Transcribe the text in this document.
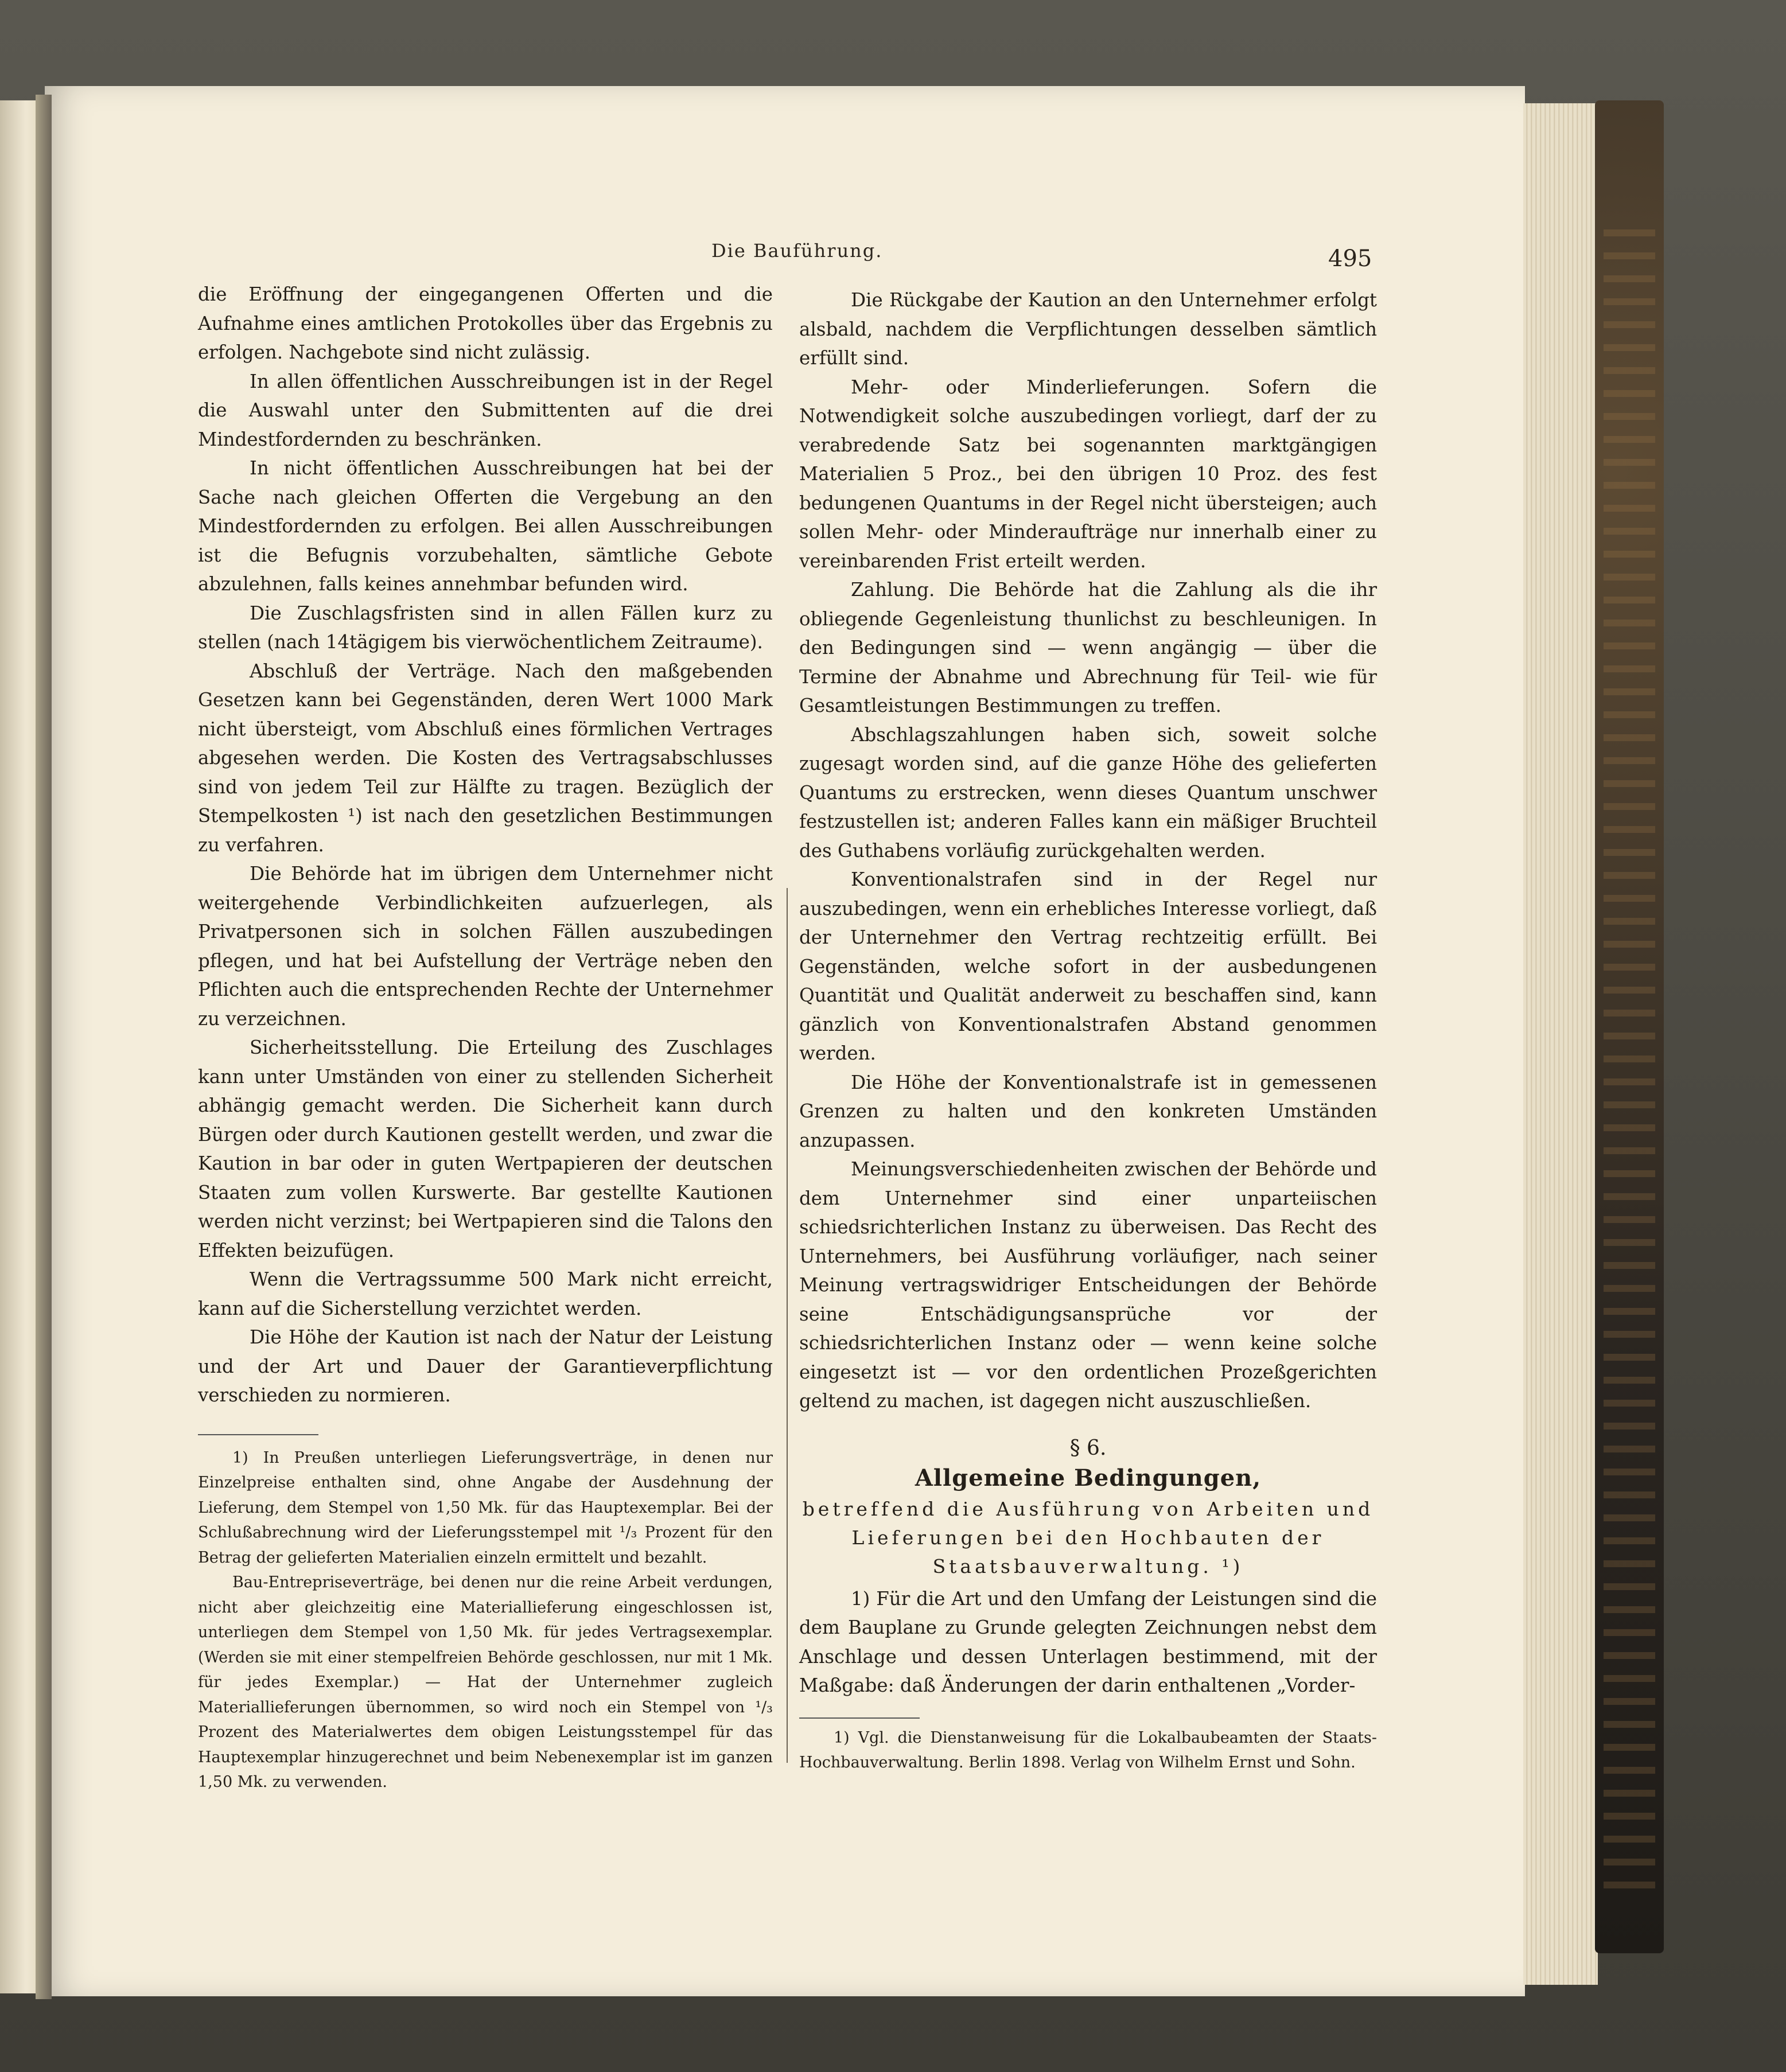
Die Bauführung.	495

die Eröffnung der eingegangenen Offerten und die Aufnahme eines amtlichen Protokolles über das Ergebnis zu erfolgen. Nachgebote sind nicht zulässig.

In allen öffentlichen Ausschreibungen ist in der Regel die Auswahl unter den Submittenten auf die drei Mindestfordernden zu beschränken.

In nicht öffentlichen Ausschreibungen hat bei der Sache nach gleichen Offerten die Vergebung an den Mindestfordernden zu erfolgen. Bei allen Ausschreibungen ist die Befugnis vorzubehalten, sämtliche Gebote abzulehnen, falls keines annehmbar befunden wird.

Die Zuschlagsfristen sind in allen Fällen kurz zu stellen (nach 14tägigem bis vierwöchentlichem Zeitraume).

Abschluß der Verträge. Nach den maßgebenden Gesetzen kann bei Gegenständen, deren Wert 1000 Mark nicht übersteigt, vom Abschluß eines förmlichen Vertrages abgesehen werden. Die Kosten des Vertragsabschlusses sind von jedem Teil zur Hälfte zu tragen. Bezüglich der Stempelkosten ¹) ist nach den gesetzlichen Bestimmungen zu verfahren.

Die Behörde hat im übrigen dem Unternehmer nicht weitergehende Verbindlichkeiten aufzuerlegen, als Privatpersonen sich in solchen Fällen auszubedingen pflegen, und hat bei Aufstellung der Verträge neben den Pflichten auch die entsprechenden Rechte der Unternehmer zu verzeichnen.

Sicherheitsstellung. Die Erteilung des Zuschlages kann unter Umständen von einer zu stellenden Sicherheit abhängig gemacht werden. Die Sicherheit kann durch Bürgen oder durch Kautionen gestellt werden, und zwar die Kaution in bar oder in guten Wertpapieren der deutschen Staaten zum vollen Kurswerte. Bar gestellte Kautionen werden nicht verzinst; bei Wertpapieren sind die Talons den Effekten beizufügen.

Wenn die Vertragssumme 500 Mark nicht erreicht, kann auf die Sicherstellung verzichtet werden.

Die Höhe der Kaution ist nach der Natur der Leistung und der Art und Dauer der Garantieverpflichtung verschieden zu normieren.

1) In Preußen unterliegen Lieferungsverträge, in denen nur Einzelpreise enthalten sind, ohne Angabe der Ausdehnung der Lieferung, dem Stempel von 1,50 Mk. für das Hauptexemplar. Bei der Schlußabrechnung wird der Lieferungsstempel mit ¹/₃ Prozent für den Betrag der gelieferten Materialien einzeln ermittelt und bezahlt.

Bau-Entrepriseverträge, bei denen nur die reine Arbeit verdungen, nicht aber gleichzeitig eine Materiallieferung eingeschlossen ist, unterliegen dem Stempel von 1,50 Mk. für jedes Vertragsexemplar. (Werden sie mit einer stempelfreien Behörde geschlossen, nur mit 1 Mk. für jedes Exemplar.) — Hat der Unternehmer zugleich Materiallieferungen übernommen, so wird noch ein Stempel von ¹/₃ Prozent des Materialwertes dem obigen Leistungsstempel für das Hauptexemplar hinzugerechnet und beim Nebenexemplar ist im ganzen 1,50 Mk. zu verwenden.

Die Rückgabe der Kaution an den Unternehmer erfolgt alsbald, nachdem die Verpflichtungen desselben sämtlich erfüllt sind.

Mehr- oder Minderlieferungen. Sofern die Notwendigkeit solche auszubedingen vorliegt, darf der zu verabredende Satz bei sogenannten marktgängigen Materialien 5 Proz., bei den übrigen 10 Proz. des fest bedungenen Quantums in der Regel nicht übersteigen; auch sollen Mehr- oder Minderaufträge nur innerhalb einer zu vereinbarenden Frist erteilt werden.

Zahlung. Die Behörde hat die Zahlung als die ihr obliegende Gegenleistung thunlichst zu beschleunigen. In den Bedingungen sind — wenn angängig — über die Termine der Abnahme und Abrechnung für Teil- wie für Gesamtleistungen Bestimmungen zu treffen.

Abschlagszahlungen haben sich, soweit solche zugesagt worden sind, auf die ganze Höhe des gelieferten Quantums zu erstrecken, wenn dieses Quantum unschwer festzustellen ist; anderen Falles kann ein mäßiger Bruchteil des Guthabens vorläufig zurückgehalten werden.

Konventionalstrafen sind in der Regel nur auszubedingen, wenn ein erhebliches Interesse vorliegt, daß der Unternehmer den Vertrag rechtzeitig erfüllt. Bei Gegenständen, welche sofort in der ausbedungenen Quantität und Qualität anderweit zu beschaffen sind, kann gänzlich von Konventionalstrafen Abstand genommen werden.

Die Höhe der Konventionalstrafe ist in gemessenen Grenzen zu halten und den konkreten Umständen anzupassen.

Meinungsverschiedenheiten zwischen der Behörde und dem Unternehmer sind einer unparteiischen schiedsrichterlichen Instanz zu überweisen. Das Recht des Unternehmers, bei Ausführung vorläufiger, nach seiner Meinung vertragswidriger Entscheidungen der Behörde seine Entschädigungsansprüche vor der schiedsrichterlichen Instanz oder — wenn keine solche eingesetzt ist — vor den ordentlichen Prozeßgerichten geltend zu machen, ist dagegen nicht auszuschließen.

§ 6.
Allgemeine Bedingungen,
betreffend die Ausführung von Arbeiten und Lieferungen bei den Hochbauten der Staatsbauverwaltung. ¹)

1) Für die Art und den Umfang der Leistungen sind die dem Bauplane zu Grunde gelegten Zeichnungen nebst dem Anschlage und dessen Unterlagen bestimmend, mit der Maßgabe: daß Änderungen der darin enthaltenen „Vorder-

1) Vgl. die Dienstanweisung für die Lokalbaubeamten der Staats-Hochbauverwaltung. Berlin 1898. Verlag von Wilhelm Ernst und Sohn.
